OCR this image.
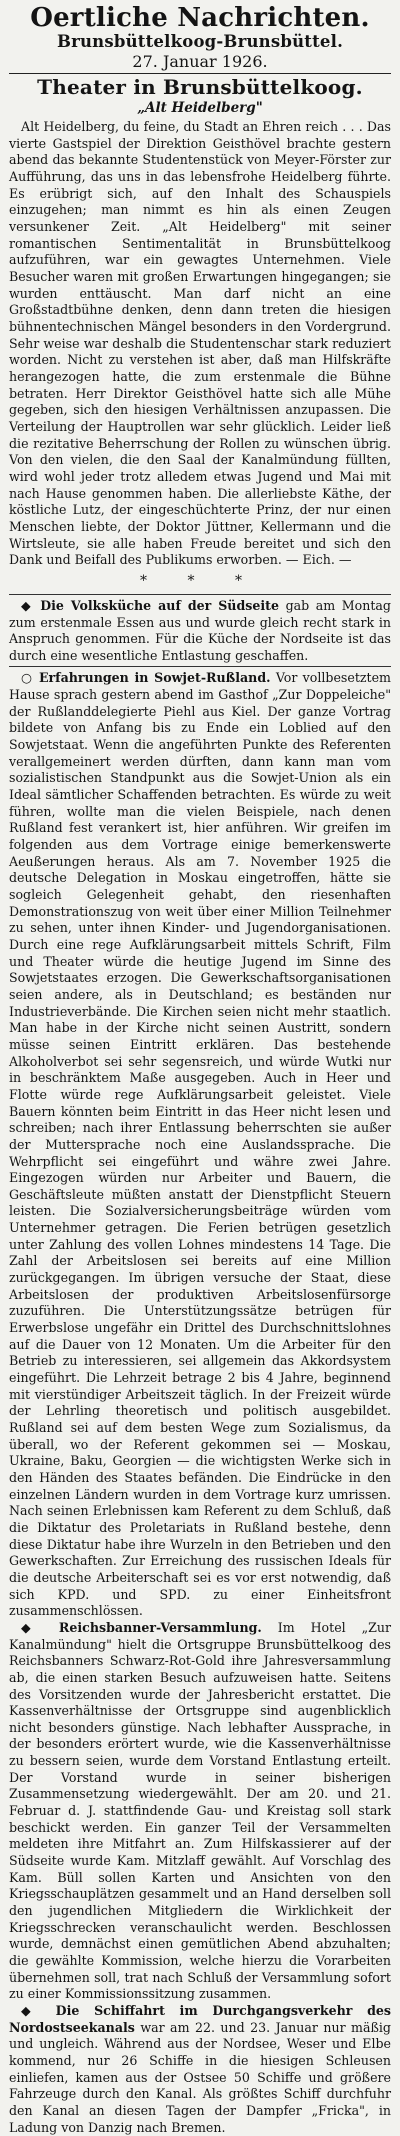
Oertliche Nachrichten.
Brunsbüttelkoog-Brunsbüttel.
27. Januar 1926.
Theater in Brunsbüttelkoog.
„Alt Heidelberg"

Alt Heidelberg, du feine, du Stadt an Ehren reich . . . Das vierte Gastspiel der Direktion Geisthövel brachte gestern abend das bekannte Studentenstück von Meyer-Förster zur Aufführung, das uns in das lebensfrohe Heidelberg führte. Es erübrigt sich, auf den Inhalt des Schauspiels einzugehen; man nimmt es hin als einen Zeugen versunkener Zeit. „Alt Heidelberg" mit seiner romantischen Sentimentalität in Brunsbüttelkoog aufzuführen, war ein gewagtes Unternehmen. Viele Besucher waren mit großen Erwartungen hingegangen; sie wurden enttäuscht. Man darf nicht an eine Großstadtbühne denken, denn dann treten die hiesigen bühnentechnischen Mängel besonders in den Vordergrund. Sehr weise war deshalb die Studentenschar stark reduziert worden. Nicht zu verstehen ist aber, daß man Hilfskräfte herangezogen hatte, die zum erstenmale die Bühne betraten. Herr Direktor Geisthövel hatte sich alle Mühe gegeben, sich den hiesigen Verhältnissen anzupassen. Die Verteilung der Hauptrollen war sehr glücklich. Leider ließ die rezitative Beherrschung der Rollen zu wünschen übrig. Von den vielen, die den Saal der Kanalmündung füllten, wird wohl jeder trotz alledem etwas Jugend und Mai mit nach Hause genommen haben. Die allerliebste Käthe, der köstliche Lutz, der eingeschüchterte Prinz, der nur einen Menschen liebte, der Doktor Jüttner, Kellermann und die Wirtsleute, sie alle haben Freude bereitet und sich den Dank und Beifall des Publikums erworben. — Eich. —

* * *

◆ Die Volksküche auf der Südseite gab am Montag zum erstenmale Essen aus und wurde gleich recht stark in Anspruch genommen. Für die Küche der Nordseite ist das durch eine wesentliche Entlastung geschaffen.

○ Erfahrungen in Sowjet-Rußland. Vor vollbesetztem Hause sprach gestern abend im Gasthof „Zur Doppeleiche" der Rußlanddelegierte Piehl aus Kiel. Der ganze Vortrag bildete von Anfang bis zu Ende ein Loblied auf den Sowjetstaat. Wenn die angeführten Punkte des Referenten verallgemeinert werden dürften, dann kann man vom sozialistischen Standpunkt aus die Sowjet-Union als ein Ideal sämtlicher Schaffenden betrachten. Es würde zu weit führen, wollte man die vielen Beispiele, nach denen Rußland fest verankert ist, hier anführen. Wir greifen im folgenden aus dem Vortrage einige bemerkenswerte Aeußerungen heraus. Als am 7. November 1925 die deutsche Delegation in Moskau eingetroffen, hätte sie sogleich Gelegenheit gehabt, den riesenhaften Demonstrationszug von weit über einer Million Teilnehmer zu sehen, unter ihnen Kinder- und Jugendorganisationen. Durch eine rege Aufklärungsarbeit mittels Schrift, Film und Theater würde die heutige Jugend im Sinne des Sowjetstaates erzogen. Die Gewerkschaftsorganisationen seien andere, als in Deutschland; es beständen nur Industrieverbände. Die Kirchen seien nicht mehr staatlich. Man habe in der Kirche nicht seinen Austritt, sondern müsse seinen Eintritt erklären. Das bestehende Alkoholverbot sei sehr segensreich, und würde Wutki nur in beschränktem Maße ausgegeben. Auch in Heer und Flotte würde rege Aufklärungsarbeit geleistet. Viele Bauern könnten beim Eintritt in das Heer nicht lesen und schreiben; nach ihrer Entlassung beherrschten sie außer der Muttersprache noch eine Auslandssprache. Die Wehrpflicht sei eingeführt und währe zwei Jahre. Eingezogen würden nur Arbeiter und Bauern, die Geschäftsleute müßten anstatt der Dienstpflicht Steuern leisten. Die Sozialversicherungsbeiträge würden vom Unternehmer getragen. Die Ferien betrügen gesetzlich unter Zahlung des vollen Lohnes mindestens 14 Tage. Die Zahl der Arbeitslosen sei bereits auf eine Million zurückgegangen. Im übrigen versuche der Staat, diese Arbeitslosen der produktiven Arbeitslosenfürsorge zuzuführen. Die Unterstützungssätze betrügen für Erwerbslose ungefähr ein Drittel des Durchschnittslohnes auf die Dauer von 12 Monaten. Um die Arbeiter für den Betrieb zu interessieren, sei allgemein das Akkordsystem eingeführt. Die Lehrzeit betrage 2 bis 4 Jahre, beginnend mit vierstündiger Arbeitszeit täglich. In der Freizeit würde der Lehrling theoretisch und politisch ausgebildet. Rußland sei auf dem besten Wege zum Sozialismus, da überall, wo der Referent gekommen sei — Moskau, Ukraine, Baku, Georgien — die wichtigsten Werke sich in den Händen des Staates befänden. Die Eindrücke in den einzelnen Ländern wurden in dem Vortrage kurz umrissen. Nach seinen Erlebnissen kam Referent zu dem Schluß, daß die Diktatur des Proletariats in Rußland bestehe, denn diese Diktatur habe ihre Wurzeln in den Betrieben und den Gewerkschaften. Zur Erreichung des russischen Ideals für die deutsche Arbeiterschaft sei es vor erst notwendig, daß sich KPD. und SPD. zu einer Einheitsfront zusammenschlössen.

◆ Reichsbanner-Versammlung. Im Hotel „Zur Kanalmündung" hielt die Ortsgruppe Brunsbüttelkoog des Reichsbanners Schwarz-Rot-Gold ihre Jahresversammlung ab, die einen starken Besuch aufzuweisen hatte. Seitens des Vorsitzenden wurde der Jahresbericht erstattet. Die Kassenverhältnisse der Ortsgruppe sind augenblicklich nicht besonders günstige. Nach lebhafter Aussprache, in der besonders erörtert wurde, wie die Kassenverhältnisse zu bessern seien, wurde dem Vorstand Entlastung erteilt. Der Vorstand wurde in seiner bisherigen Zusammensetzung wiedergewählt. Der am 20. und 21. Februar d. J. stattfindende Gau- und Kreistag soll stark beschickt werden. Ein ganzer Teil der Versammelten meldeten ihre Mitfahrt an. Zum Hilfskassierer auf der Südseite wurde Kam. Mitzlaff gewählt. Auf Vorschlag des Kam. Büll sollen Karten und Ansichten von den Kriegsschauplätzen gesammelt und an Hand derselben soll den jugendlichen Mitgliedern die Wirklichkeit der Kriegsschrecken veranschaulicht werden. Beschlossen wurde, demnächst einen gemütlichen Abend abzuhalten; die gewählte Kommission, welche hierzu die Vorarbeiten übernehmen soll, trat nach Schluß der Versammlung sofort zu einer Kommissionssitzung zusammen.

◆ Die Schiffahrt im Durchgangsverkehr des Nordostseekanals war am 22. und 23. Januar nur mäßig und ungleich. Während aus der Nordsee, Weser und Elbe kommend, nur 26 Schiffe in die hiesigen Schleusen einliefen, kamen aus der Ostsee 50 Schiffe und größere Fahrzeuge durch den Kanal. Als größtes Schiff durchfuhr den Kanal an diesen Tagen der Dampfer „Fricka", in Ladung von Danzig nach Bremen.
